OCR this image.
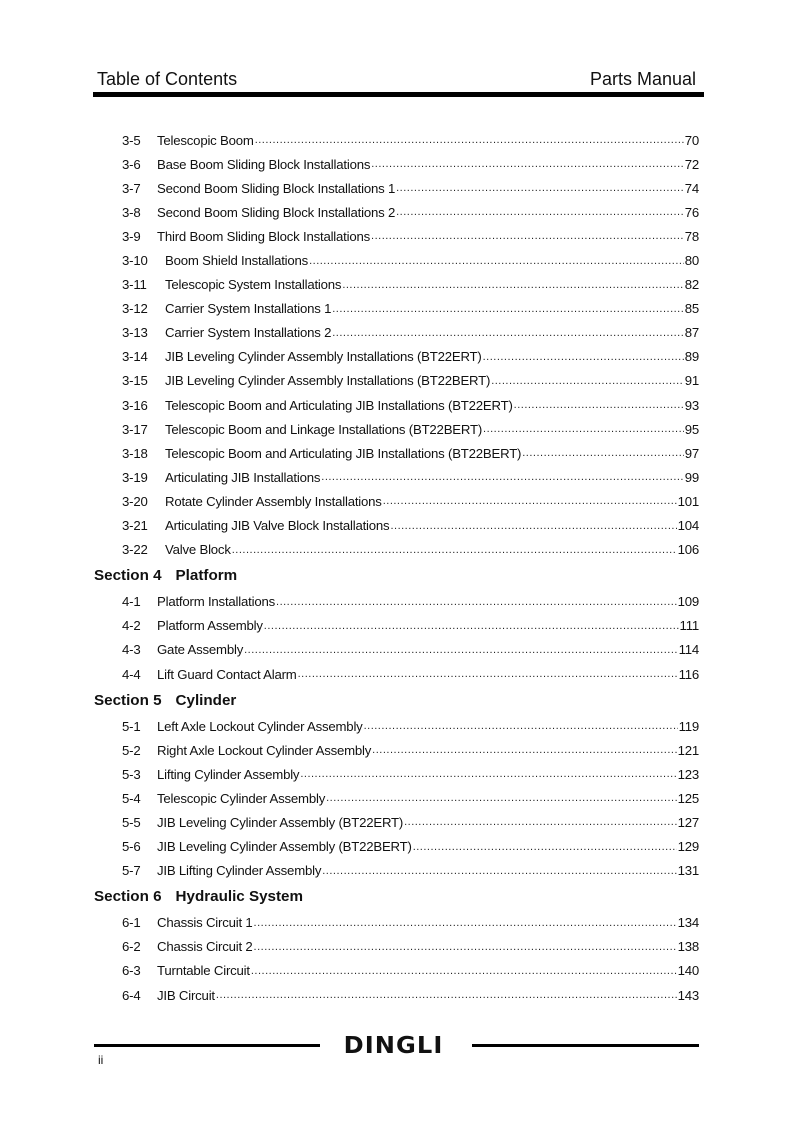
Table of Contents	Parts Manual
3-5	Telescopic Boom .....	70
3-6	Base Boom Sliding Block Installations .....	72
3-7	Second Boom Sliding Block Installations 1 .....	74
3-8	Second Boom Sliding Block Installations 2 .....	76
3-9	Third Boom Sliding Block Installations .....	78
3-10	Boom Shield Installations .....	80
3-11	Telescopic System Installations .....	82
3-12	Carrier System Installations 1 .....	85
3-13	Carrier System Installations 2 .....	87
3-14	JIB Leveling Cylinder Assembly Installations (BT22ERT) .....	89
3-15	JIB Leveling Cylinder Assembly Installations (BT22BERT) .....	91
3-16	Telescopic Boom and Articulating JIB Installations (BT22ERT) .....	93
3-17	Telescopic Boom and Linkage Installations (BT22BERT) .....	95
3-18	Telescopic Boom and Articulating JIB Installations (BT22BERT) .....	97
3-19	Articulating JIB Installations .....	99
3-20	Rotate Cylinder Assembly Installations .....	101
3-21	Articulating JIB Valve Block Installations .....	104
3-22	Valve Block .....	106
Section 4 Platform
4-1	Platform Installations .....	109
4-2	Platform Assembly .....	111
4-3	Gate Assembly .....	114
4-4	Lift Guard Contact Alarm .....	116
Section 5 Cylinder
5-1	Left Axle Lockout Cylinder Assembly .....	119
5-2	Right Axle Lockout Cylinder Assembly .....	121
5-3	Lifting Cylinder Assembly .....	123
5-4	Telescopic Cylinder Assembly .....	125
5-5	JIB Leveling Cylinder Assembly (BT22ERT) .....	127
5-6	JIB Leveling Cylinder Assembly (BT22BERT) .....	129
5-7	JIB Lifting Cylinder Assembly .....	131
Section 6 Hydraulic System
6-1	Chassis Circuit 1 .....	134
6-2	Chassis Circuit 2 .....	138
6-3	Turntable Circuit .....	140
6-4	JIB Circuit .....	143
DINGLI
ii
